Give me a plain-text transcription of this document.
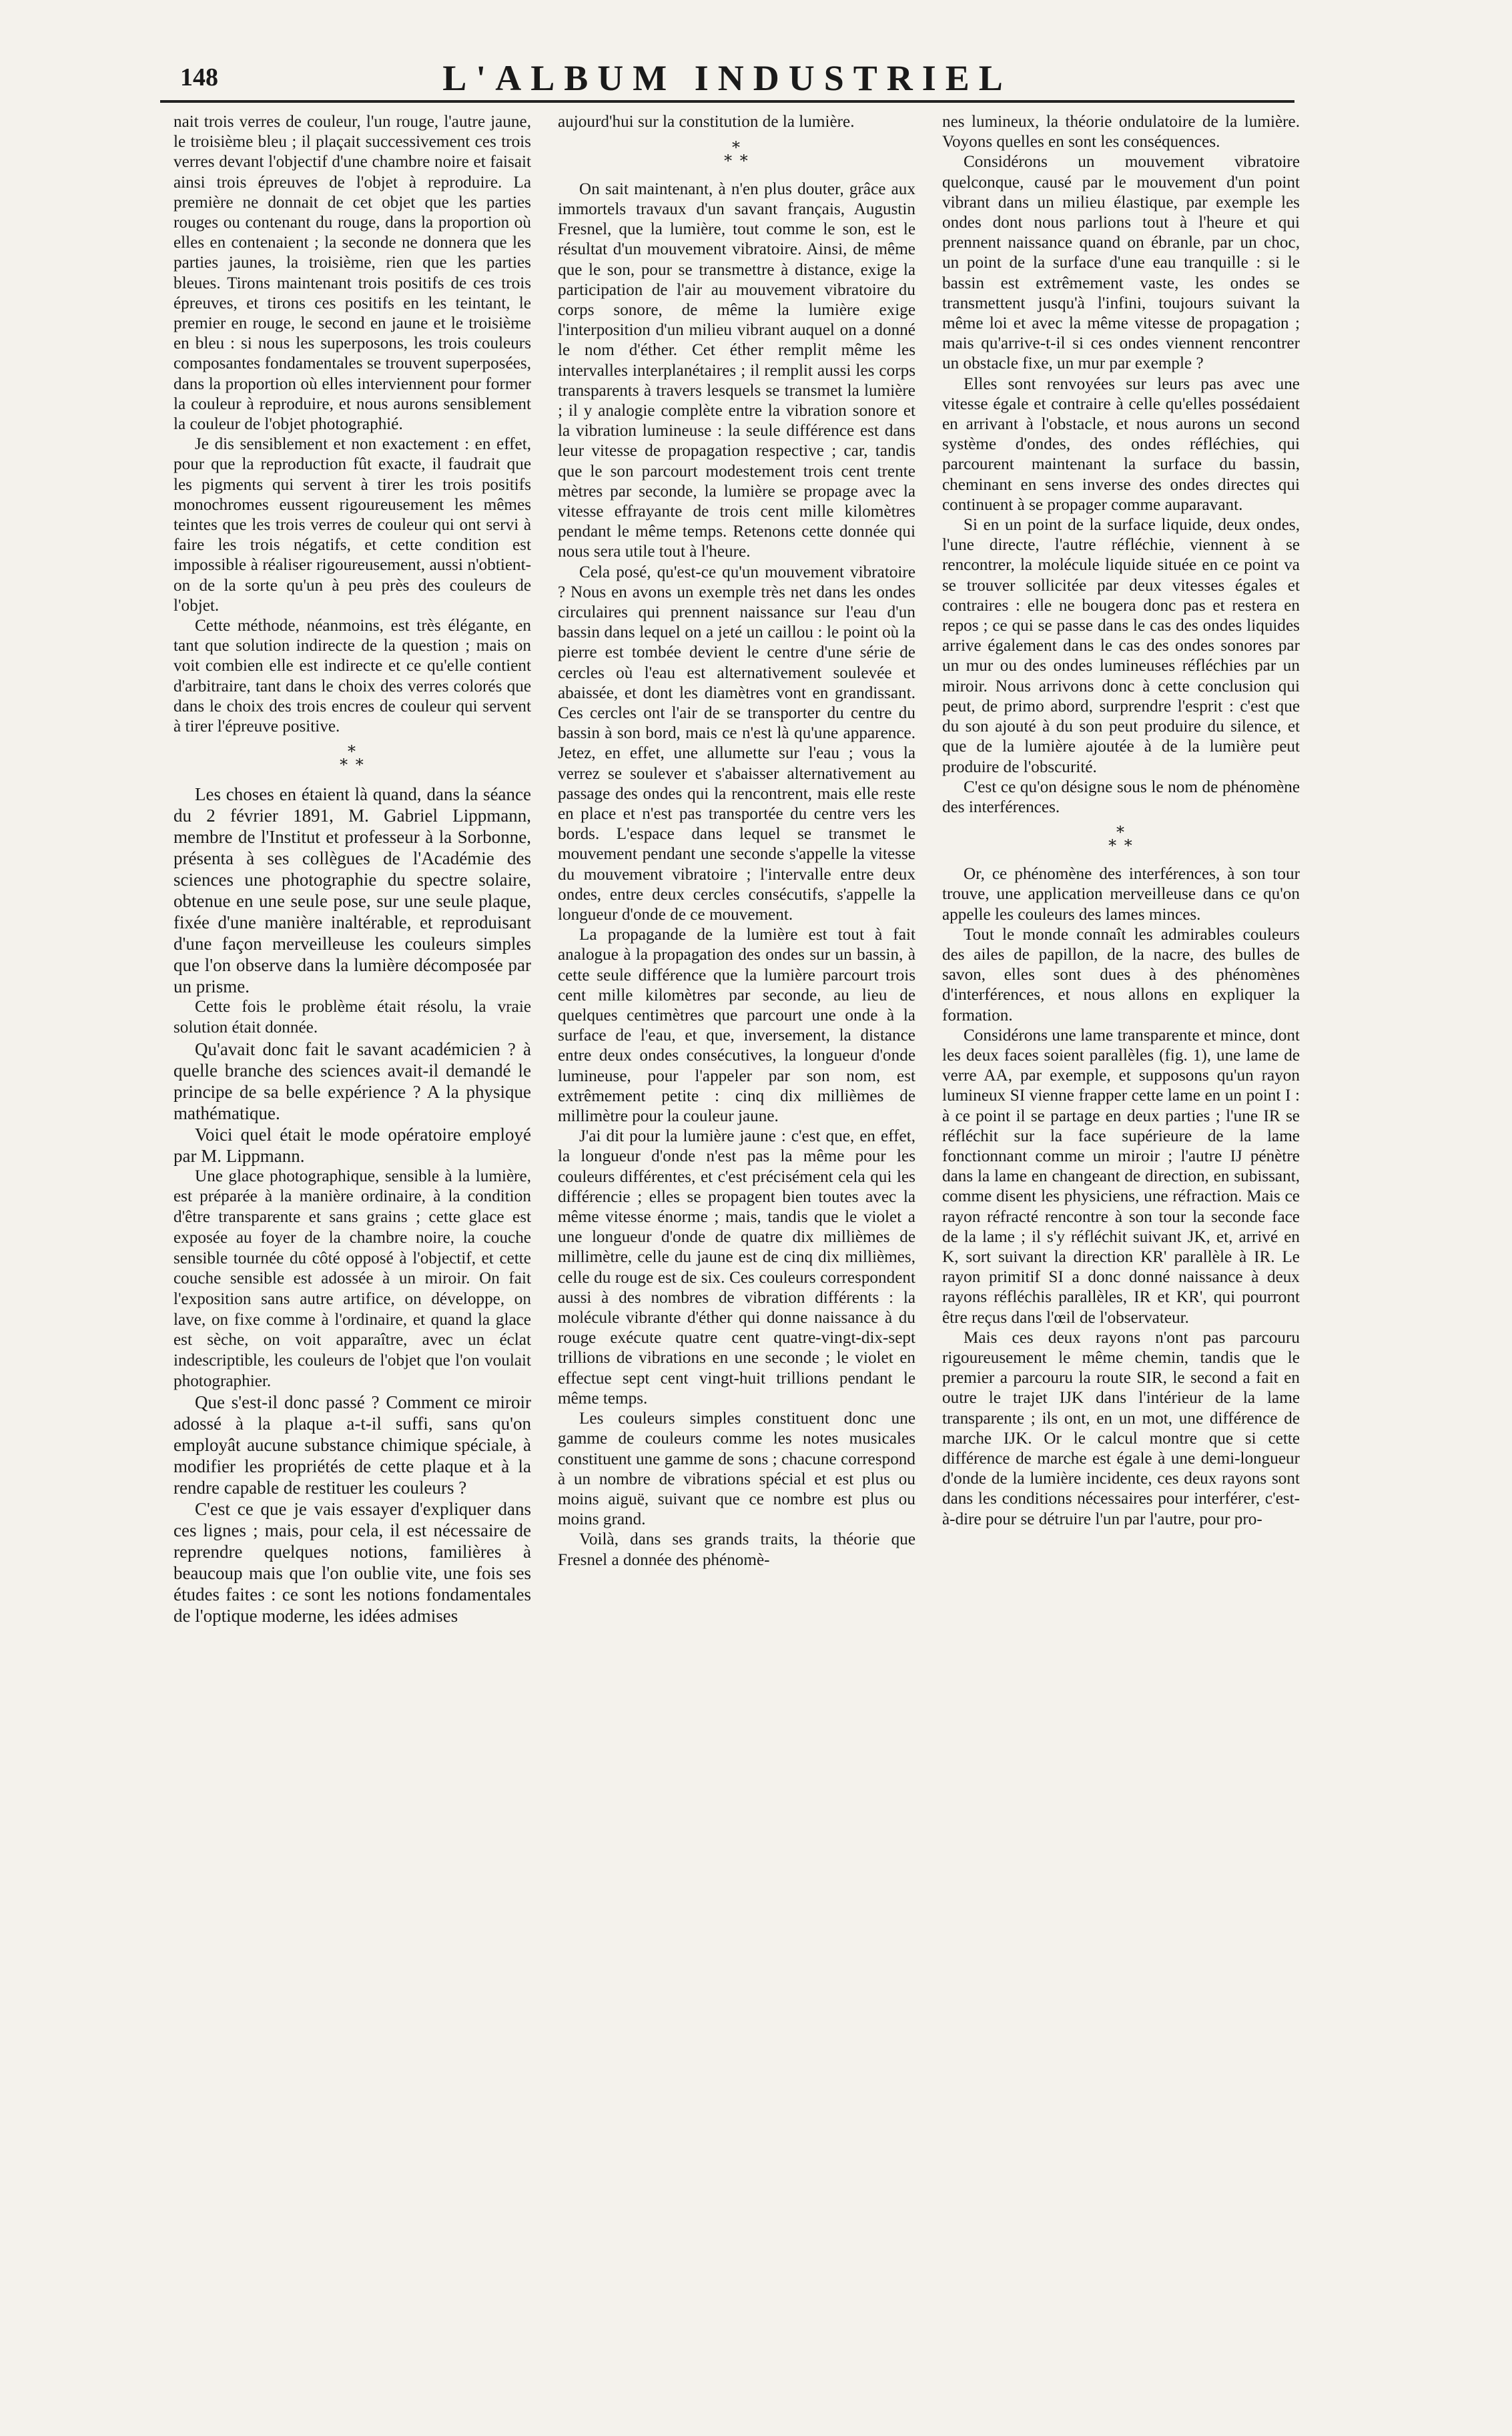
148	L'ALBUM INDUSTRIEL

nait trois verres de couleur, l'un rouge, l'autre jaune, le troisième bleu ; il plaçait successivement ces trois verres devant l'objectif d'une chambre noire et faisait ainsi trois épreuves de l'objet à reproduire. La première ne donnait de cet objet que les parties rouges ou contenant du rouge, dans la proportion où elles en contenaient ; la seconde ne donnera que les parties jaunes, la troisième, rien que les parties bleues. Tirons maintenant trois positifs de ces trois épreuves, et tirons ces positifs en les teintant, le premier en rouge, le second en jaune et le troisième en bleu : si nous les superposons, les trois couleurs composantes fondamentales se trouvent superposées, dans la proportion où elles interviennent pour former la couleur à reproduire, et nous aurons sensiblement la couleur de l'objet photographié.

Je dis sensiblement et non exactement : en effet, pour que la reproduction fût exacte, il faudrait que les pigments qui servent à tirer les trois positifs monochromes eussent rigoureusement les mêmes teintes que les trois verres de couleur qui ont servi à faire les trois négatifs, et cette condition est impossible à réaliser rigoureusement, aussi n'obtient-on de la sorte qu'un à peu près des couleurs de l'objet.

Cette méthode, néanmoins, est très élégante, en tant que solution indirecte de la question ; mais on voit combien elle est indirecte et ce qu'elle contient d'arbitraire, tant dans le choix des verres colorés que dans le choix des trois encres de couleur qui servent à tirer l'épreuve positive.

*
* *

Les choses en étaient là quand, dans la séance du 2 février 1891, M. Gabriel Lippmann, membre de l'Institut et professeur à la Sorbonne, présenta à ses collègues de l'Académie des sciences une photographie du spectre solaire, obtenue en une seule pose, sur une seule plaque, fixée d'une manière inaltérable, et reproduisant d'une façon merveilleuse les couleurs simples que l'on observe dans la lumière décomposée par un prisme.

Cette fois le problème était résolu, la vraie solution était donnée.

Qu'avait donc fait le savant académicien ? à quelle branche des sciences avait-il demandé le principe de sa belle expérience ? A la physique mathématique.

Voici quel était le mode opératoire employé par M. Lippmann.

Une glace photographique, sensible à la lumière, est préparée à la manière ordinaire, à la condition d'être transparente et sans grains ; cette glace est exposée au foyer de la chambre noire, la couche sensible tournée du côté opposé à l'objectif, et cette couche sensible est adossée à un miroir. On fait l'exposition sans autre artifice, on développe, on lave, on fixe comme à l'ordinaire, et quand la glace est sèche, on voit apparaître, avec un éclat indescriptible, les couleurs de l'objet que l'on voulait photographier.

Que s'est-il donc passé ? Comment ce miroir adossé à la plaque a-t-il suffi, sans qu'on employât aucune substance chimique spéciale, à modifier les propriétés de cette plaque et à la rendre capable de restituer les couleurs ?

C'est ce que je vais essayer d'expliquer dans ces lignes ; mais, pour cela, il est nécessaire de reprendre quelques notions, familières à beaucoup mais que l'on oublie vite, une fois ses études faites : ce sont les notions fondamentales de l'optique moderne, les idées admises

aujourd'hui sur la constitution de la lumière.

*
* *

On sait maintenant, à n'en plus douter, grâce aux immortels travaux d'un savant français, Augustin Fresnel, que la lumière, tout comme le son, est le résultat d'un mouvement vibratoire. Ainsi, de même que le son, pour se transmettre à distance, exige la participation de l'air au mouvement vibratoire du corps sonore, de même la lumière exige l'interposition d'un milieu vibrant auquel on a donné le nom d'éther. Cet éther remplit même les intervalles interplanétaires ; il remplit aussi les corps transparents à travers lesquels se transmet la lumière ; il y analogie complète entre la vibration sonore et la vibration lumineuse : la seule différence est dans leur vitesse de propagation respective ; car, tandis que le son parcourt modestement trois cent trente mètres par seconde, la lumière se propage avec la vitesse effrayante de trois cent mille kilomètres pendant le même temps. Retenons cette donnée qui nous sera utile tout à l'heure.

Cela posé, qu'est-ce qu'un mouvement vibratoire ? Nous en avons un exemple très net dans les ondes circulaires qui prennent naissance sur l'eau d'un bassin dans lequel on a jeté un caillou : le point où la pierre est tombée devient le centre d'une série de cercles où l'eau est alternativement soulevée et abaissée, et dont les diamètres vont en grandissant. Ces cercles ont l'air de se transporter du centre du bassin à son bord, mais ce n'est là qu'une apparence. Jetez, en effet, une allumette sur l'eau ; vous la verrez se soulever et s'abaisser alternativement au passage des ondes qui la rencontrent, mais elle reste en place et n'est pas transportée du centre vers les bords. L'espace dans lequel se transmet le mouvement pendant une seconde s'appelle la vitesse du mouvement vibratoire ; l'intervalle entre deux ondes, entre deux cercles consécutifs, s'appelle la longueur d'onde de ce mouvement.

La propagande de la lumière est tout à fait analogue à la propagation des ondes sur un bassin, à cette seule différence que la lumière parcourt trois cent mille kilomètres par seconde, au lieu de quelques centimètres que parcourt une onde à la surface de l'eau, et que, inversement, la distance entre deux ondes consécutives, la longueur d'onde lumineuse, pour l'appeler par son nom, est extrêmement petite : cinq dix millièmes de millimètre pour la couleur jaune.

J'ai dit pour la lumière jaune : c'est que, en effet, la longueur d'onde n'est pas la même pour les couleurs différentes, et c'est précisément cela qui les différencie ; elles se propagent bien toutes avec la même vitesse énorme ; mais, tandis que le violet a une longueur d'onde de quatre dix millièmes de millimètre, celle du jaune est de cinq dix millièmes, celle du rouge est de six. Ces couleurs correspondent aussi à des nombres de vibration différents : la molécule vibrante d'éther qui donne naissance à du rouge exécute quatre cent quatre-vingt-dix-sept trillions de vibrations en une seconde ; le violet en effectue sept cent vingt-huit trillions pendant le même temps.

Les couleurs simples constituent donc une gamme de couleurs comme les notes musicales constituent une gamme de sons ; chacune correspond à un nombre de vibrations spécial et est plus ou moins aiguë, suivant que ce nombre est plus ou moins grand.

Voilà, dans ses grands traits, la théorie que Fresnel a donnée des phénomè-

nes lumineux, la théorie ondulatoire de la lumière. Voyons quelles en sont les conséquences.

Considérons un mouvement vibratoire quelconque, causé par le mouvement d'un point vibrant dans un milieu élastique, par exemple les ondes dont nous parlions tout à l'heure et qui prennent naissance quand on ébranle, par un choc, un point de la surface d'une eau tranquille : si le bassin est extrêmement vaste, les ondes se transmettent jusqu'à l'infini, toujours suivant la même loi et avec la même vitesse de propagation ; mais qu'arrive-t-il si ces ondes viennent rencontrer un obstacle fixe, un mur par exemple ?

Elles sont renvoyées sur leurs pas avec une vitesse égale et contraire à celle qu'elles possédaient en arrivant à l'obstacle, et nous aurons un second système d'ondes, des ondes réfléchies, qui parcourent maintenant la surface du bassin, cheminant en sens inverse des ondes directes qui continuent à se propager comme auparavant.

Si en un point de la surface liquide, deux ondes, l'une directe, l'autre réfléchie, viennent à se rencontrer, la molécule liquide située en ce point va se trouver sollicitée par deux vitesses égales et contraires : elle ne bougera donc pas et restera en repos ; ce qui se passe dans le cas des ondes liquides arrive également dans le cas des ondes sonores par un mur ou des ondes lumineuses réfléchies par un miroir. Nous arrivons donc à cette conclusion qui peut, de primo abord, surprendre l'esprit : c'est que du son ajouté à du son peut produire du silence, et que de la lumière ajoutée à de la lumière peut produire de l'obscurité.

C'est ce qu'on désigne sous le nom de phénomène des interférences.

*
* *

Or, ce phénomène des interférences, à son tour trouve, une application merveilleuse dans ce qu'on appelle les couleurs des lames minces.

Tout le monde connaît les admirables couleurs des ailes de papillon, de la nacre, des bulles de savon, elles sont dues à des phénomènes d'interférences, et nous allons en expliquer la formation.

Considérons une lame transparente et mince, dont les deux faces soient parallèles (fig. 1), une lame de verre AA, par exemple, et supposons qu'un rayon lumineux SI vienne frapper cette lame en un point I : à ce point il se partage en deux parties ; l'une IR se réfléchit sur la face supérieure de la lame fonctionnant comme un miroir ; l'autre IJ pénètre dans la lame en changeant de direction, en subissant, comme disent les physiciens, une réfraction. Mais ce rayon réfracté rencontre à son tour la seconde face de la lame ; il s'y réfléchit suivant JK, et, arrivé en K, sort suivant la direction KR' parallèle à IR. Le rayon primitif SI a donc donné naissance à deux rayons réfléchis parallèles, IR et KR', qui pourront être reçus dans l'œil de l'observateur.

Mais ces deux rayons n'ont pas parcouru rigoureusement le même chemin, tandis que le premier a parcouru la route SIR, le second a fait en outre le trajet IJK dans l'intérieur de la lame transparente ; ils ont, en un mot, une différence de marche IJK. Or le calcul montre que si cette différence de marche est égale à une demi-longueur d'onde de la lumière incidente, ces deux rayons sont dans les conditions nécessaires pour interférer, c'est-à-dire pour se détruire l'un par l'autre, pour pro-
